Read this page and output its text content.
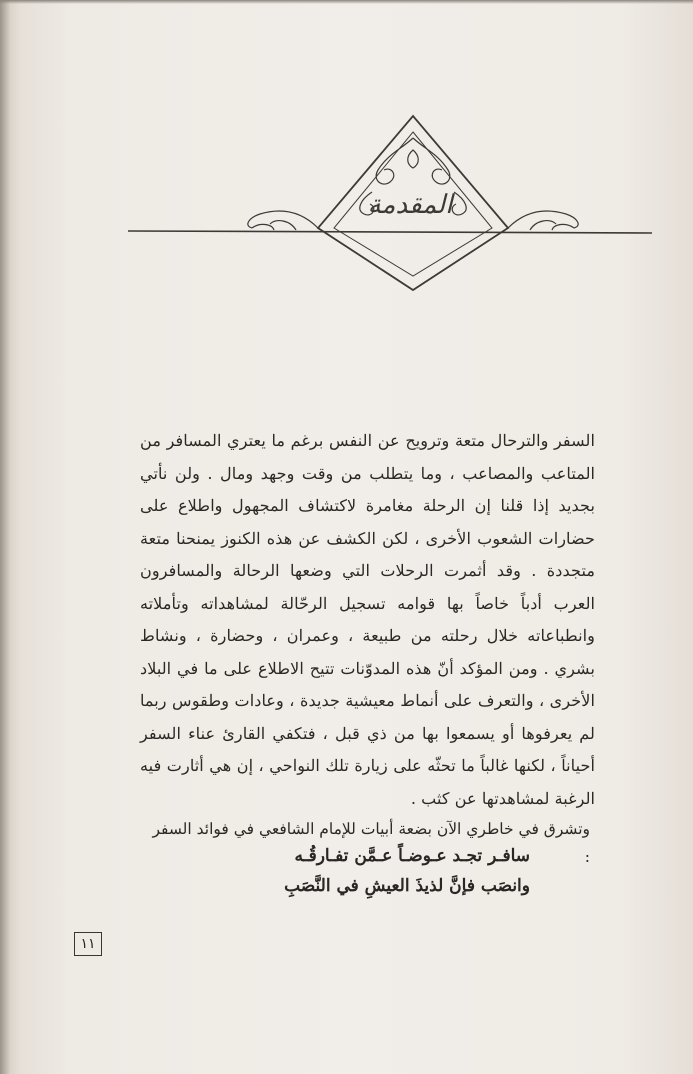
المقدمة

السفر والترحال متعة وترويح عن النفس برغم ما يعتري المسافر من المتاعب والمصاعب ، وما يتطلب من وقت وجهد ومال . ولن نأتي بجديد إذا قلنا إن الرحلة مغامرة لاكتشاف المجهول واطلاع على حضارات الشعوب الأخرى ، لكن الكشف عن هذه الكنوز يمنحنا متعة متجددة . وقد أثمرت الرحلات التي وضعها الرحالة والمسافرون العرب أدباً خاصاً بها قوامه تسجيل الرحّالة لمشاهداته وتأملاته وانطباعاته خلال رحلته من طبيعة ، وعمران ، وحضارة ، ونشاط بشري . ومن المؤكد أنّ هذه المدوّنات تتيح الاطلاع على ما في البلاد الأخرى ، والتعرف على أنماط معيشية جديدة ، وعادات وطقوس ربما لم يعرفوها أو يسمعوا بها من ذي قبل ، فتكفي القارئ عناء السفر أحياناً ، لكنها غالباً ما تحثّه على زيارة تلك النواحي ، إن هي أثارت فيه الرغبة لمشاهدتها عن كثب .

وتشرق في خاطري الآن بضعة أبيات للإمام الشافعي في فوائد السفر :
سافـر تجـد عـوضـاً عـمَّن تفـارقُـه
وانصَب فإنَّ لذيذَ العيشِ في النَّصَبِ
١١
